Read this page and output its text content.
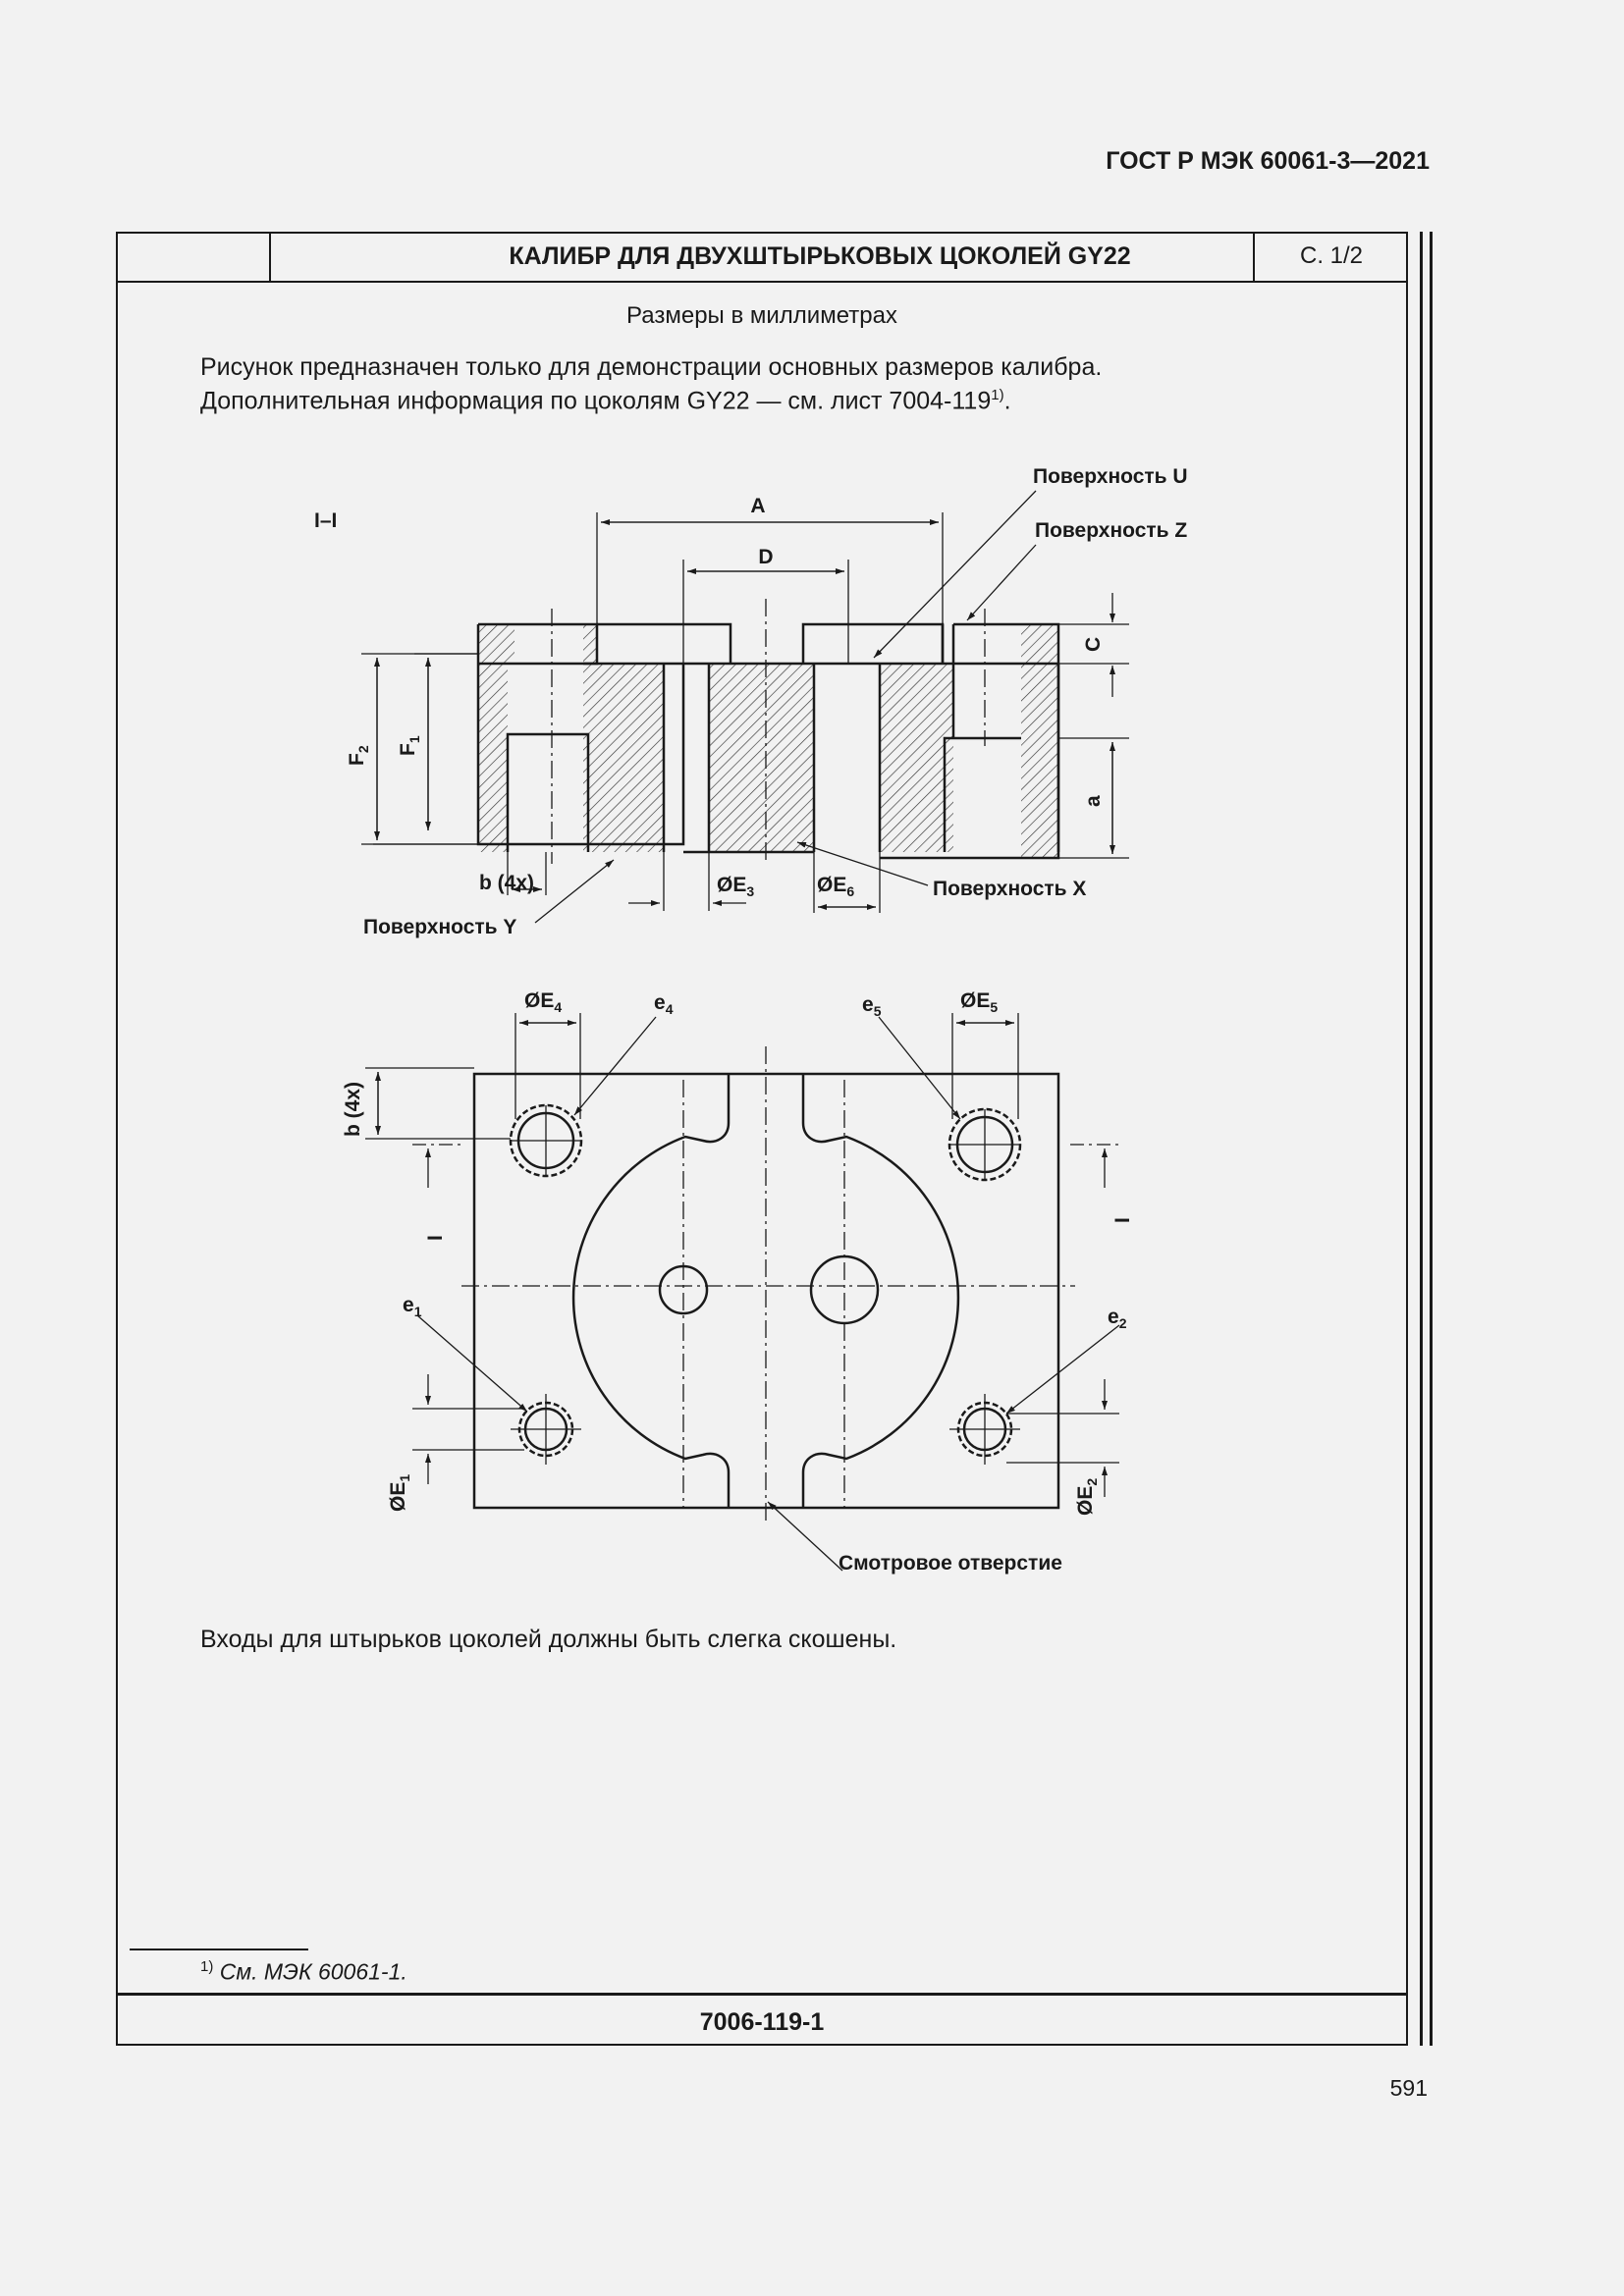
ГОСТ Р МЭК 60061-3—2021
КАЛИБР ДЛЯ ДВУХШТЫРЬКОВЫХ ЦОКОЛЕЙ GY22	С. 1/2
Размеры в миллиметрах
Рисунок предназначен только для демонстрации основных размеров калибра.
Дополнительная информация по цоколям GY22 — см. лист 7004-119$^{1)}$.
I–I
A
D
Поверхность U
Поверхность Z
Поверхность X
Поверхность Y
b (4x)	$ØE_3$	$ØE_6$
C
a
$F_2$ $F_1$
$ØE_4$	$ØE_5$
$e_4$	$e_5$
$e_1$	$e_2$
Смотровое отверстие
b (4x)
I
I
$ØE_1$
$ØE_2$
Входы для штырьков цоколей должны быть слегка скошены.
$^{1)}$ См. МЭК 60061-1.
7006-119-1
591
